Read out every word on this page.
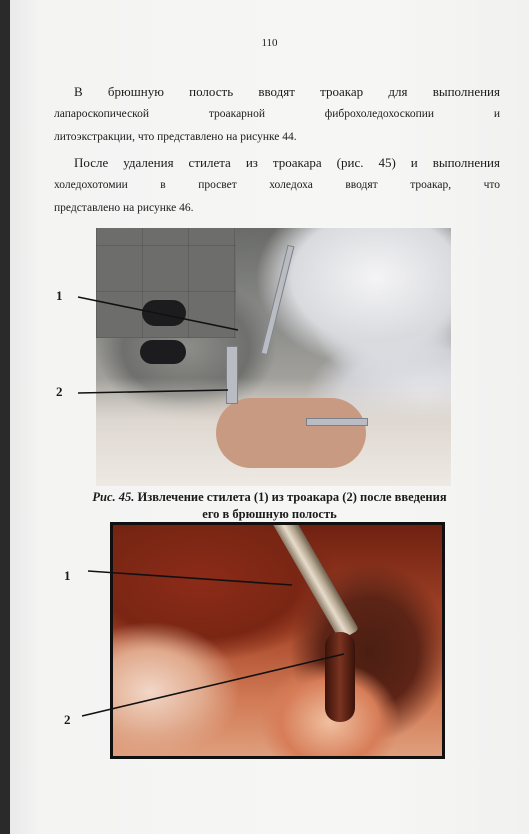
110
В брюшную полость вводят троакар для выполнения
лапароскопической троакарной фиброхоледохоскопии и
литоэкстракции, что представлено на рисунке 44.
После удаления стилета из троакара (рис. 45) и выполнения
холедохотомии в просвет холедоха вводят троакар, что
представлено на рисунке 46.
1
2
Рис. 45. Извлечение стилета (1) из троакара (2) после введения
его в брюшную полость
1
2
